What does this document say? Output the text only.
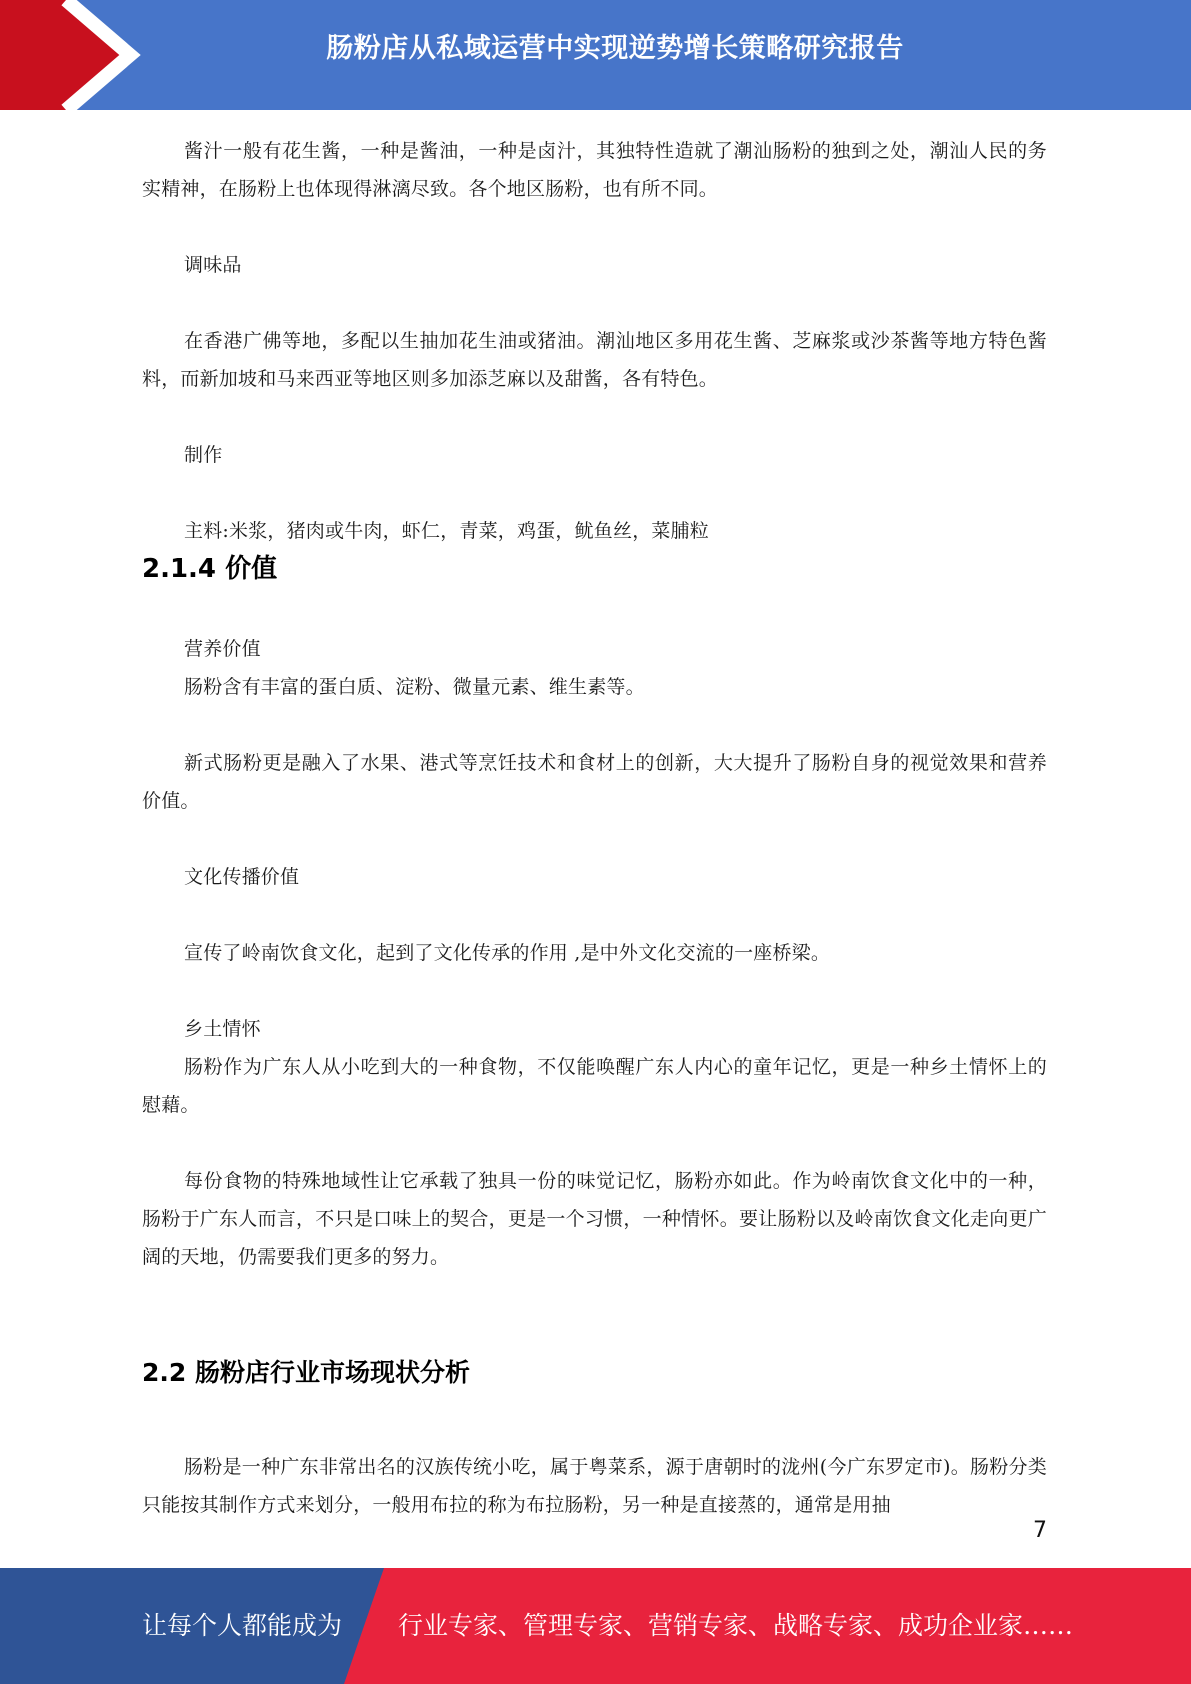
肠粉店从私域运营中实现逆势增长策略研究报告

酱汁一般有花生酱，一种是酱油，一种是卤汁，其独特性造就了潮汕肠粉的独到之处，潮汕人民的务实精神，在肠粉上也体现得淋漓尽致。各个地区肠粉，也有所不同。

调味品

在香港广佛等地，多配以生抽加花生油或猪油。潮汕地区多用花生酱、芝麻浆或沙茶酱等地方特色酱料，而新加坡和马来西亚等地区则多加添芝麻以及甜酱，各有特色。

制作

主料:米浆，猪肉或牛肉，虾仁，青菜，鸡蛋，鱿鱼丝，菜脯粒

2.1.4 价值

营养价值

肠粉含有丰富的蛋白质、淀粉、微量元素、维生素等。

新式肠粉更是融入了水果、港式等烹饪技术和食材上的创新，大大提升了肠粉自身的视觉效果和营养价值。

文化传播价值

宣传了岭南饮食文化，起到了文化传承的作用 ,是中外文化交流的一座桥梁。

乡土情怀

肠粉作为广东人从小吃到大的一种食物，不仅能唤醒广东人内心的童年记忆，更是一种乡土情怀上的慰藉。

每份食物的特殊地域性让它承载了独具一份的味觉记忆，肠粉亦如此。作为岭南饮食文化中的一种，肠粉于广东人而言，不只是口味上的契合，更是一个习惯，一种情怀。要让肠粉以及岭南饮食文化走向更广阔的天地，仍需要我们更多的努力。

2.2 肠粉店行业市场现状分析

肠粉是一种广东非常出名的汉族传统小吃，属于粤菜系，源于唐朝时的泷州(今广东罗定市)。肠粉分类只能按其制作方式来划分，一般用布拉的称为布拉肠粉，另一种是直接蒸的，通常是用抽

7
让每个人都能成为 行业专家、管理专家、营销专家、战略专家、成功企业家……
